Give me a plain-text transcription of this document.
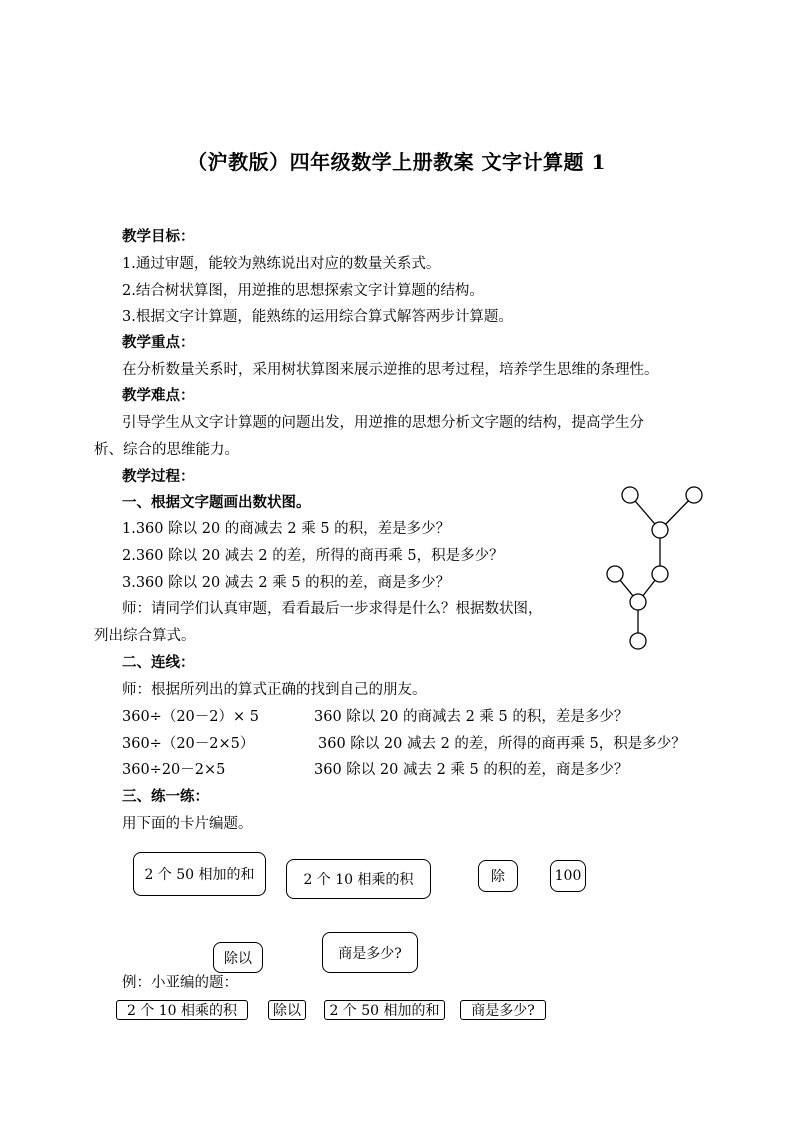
（沪教版）四年级数学上册教案 文字计算题 1
教学目标：
1.通过审题，能较为熟练说出对应的数量关系式。
2.结合树状算图，用逆推的思想探索文字计算题的结构。
3.根据文字计算题，能熟练的运用综合算式解答两步计算题。
教学重点：
在分析数量关系时，采用树状算图来展示逆推的思考过程，培养学生思维的条理性。
教学难点：
引导学生从文字计算题的问题出发，用逆推的思想分析文字题的结构，提高学生分
析、综合的思维能力。
教学过程：
一、根据文字题画出数状图。
1.360 除以 20 的商减去 2 乘 5 的积，差是多少？
2.360 除以 20 减去 2 的差，所得的商再乘 5，积是多少？
3.360 除以 20 减去 2 乘 5 的积的差，商是多少？
师：请同学们认真审题，看看最后一步求得是什么？根据数状图，
列出综合算式。
二、连线：
师：根据所列出的算式正确的找到自己的朋友。
360÷（20－2）× 5	360 除以 20 的商减去 2 乘 5 的积，差是多少？
360÷（20－2×5）	360 除以 20 减去 2 的差，所得的商再乘 5，积是多少？
360÷20－2×5	360 除以 20 减去 2 乘 5 的积的差，商是多少？
三、练一练：
用下面的卡片编题。
2 个 50 相加的和	2 个 10 相乘的积	除	100
除以	商是多少?
例：小亚编的题：
2 个 10 相乘的积	除以	2 个 50 相加的和	商是多少?
